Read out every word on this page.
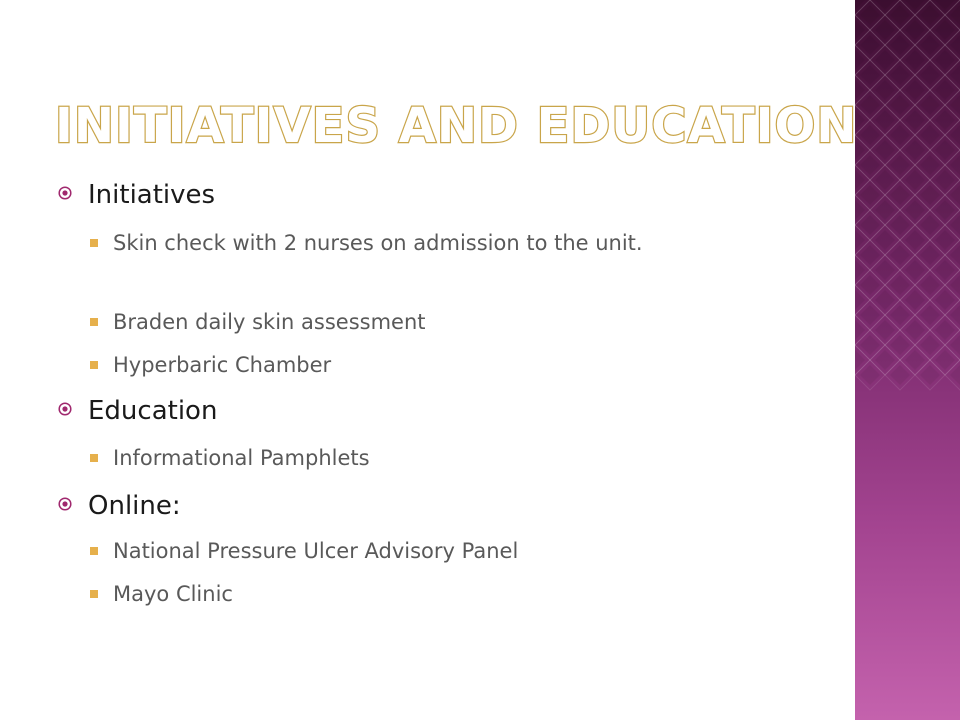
INITIATIVES AND EDUCATION
Initiatives
Skin check with 2 nurses on admission to the unit.
Braden daily skin assessment
Hyperbaric Chamber
Education
Informational Pamphlets
Online:
National Pressure Ulcer Advisory Panel
Mayo Clinic
